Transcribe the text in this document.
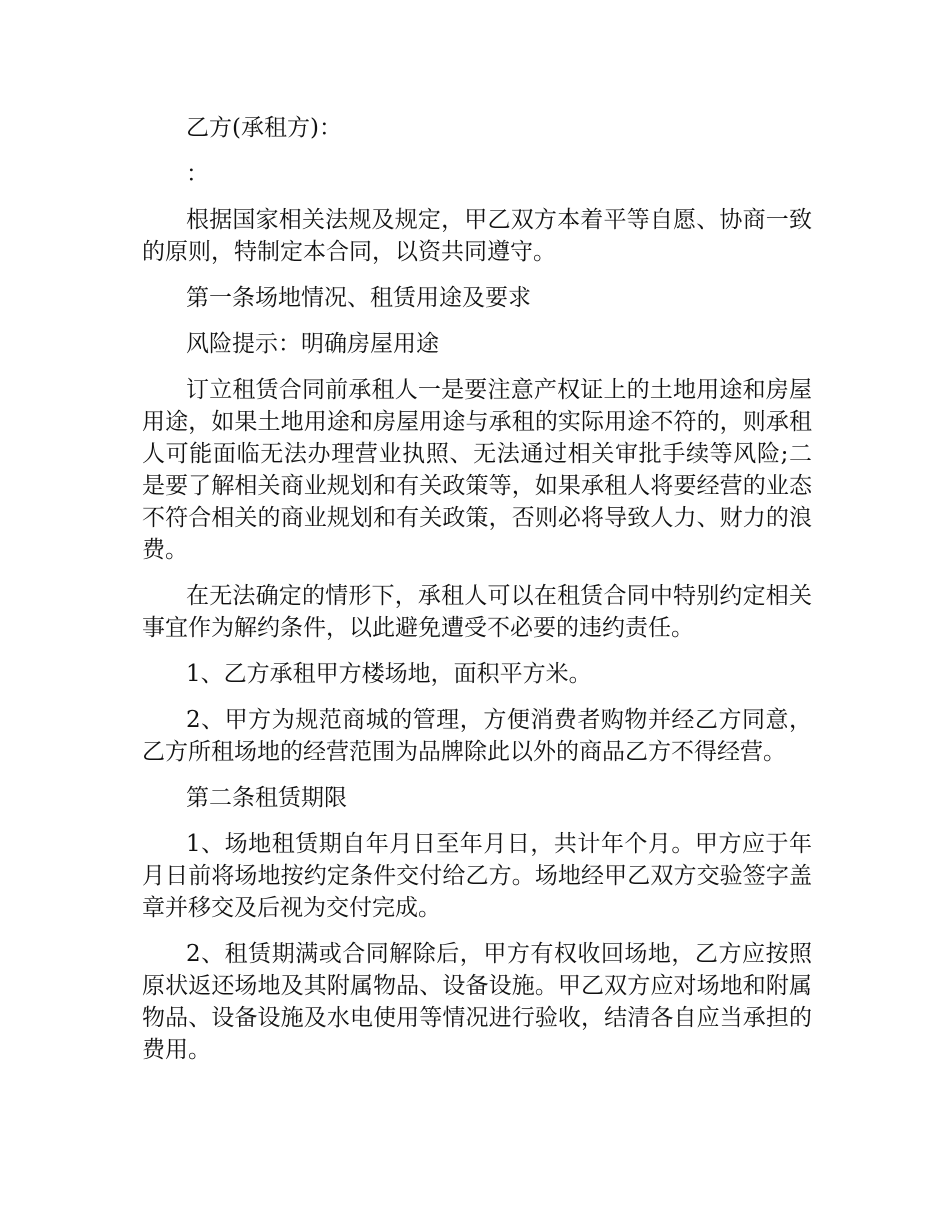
乙方(承租方)：

：

根据国家相关法规及规定，甲乙双方本着平等自愿、协商一致的原则，特制定本合同，以资共同遵守。

第一条场地情况、租赁用途及要求

风险提示：明确房屋用途

订立租赁合同前承租人一是要注意产权证上的土地用途和房屋用途，如果土地用途和房屋用途与承租的实际用途不符的，则承租人可能面临无法办理营业执照、无法通过相关审批手续等风险;二是要了解相关商业规划和有关政策等，如果承租人将要经营的业态不符合相关的商业规划和有关政策，否则必将导致人力、财力的浪费。

在无法确定的情形下，承租人可以在租赁合同中特别约定相关事宜作为解约条件，以此避免遭受不必要的违约责任。

1、乙方承租甲方楼场地，面积平方米。

2、甲方为规范商城的管理，方便消费者购物并经乙方同意，乙方所租场地的经营范围为品牌除此以外的商品乙方不得经营。

第二条租赁期限

1、场地租赁期自年月日至年月日，共计年个月。甲方应于年月日前将场地按约定条件交付给乙方。场地经甲乙双方交验签字盖章并移交及后视为交付完成。

2、租赁期满或合同解除后，甲方有权收回场地，乙方应按照原状返还场地及其附属物品、设备设施。甲乙双方应对场地和附属物品、设备设施及水电使用等情况进行验收，结清各自应当承担的费用。
